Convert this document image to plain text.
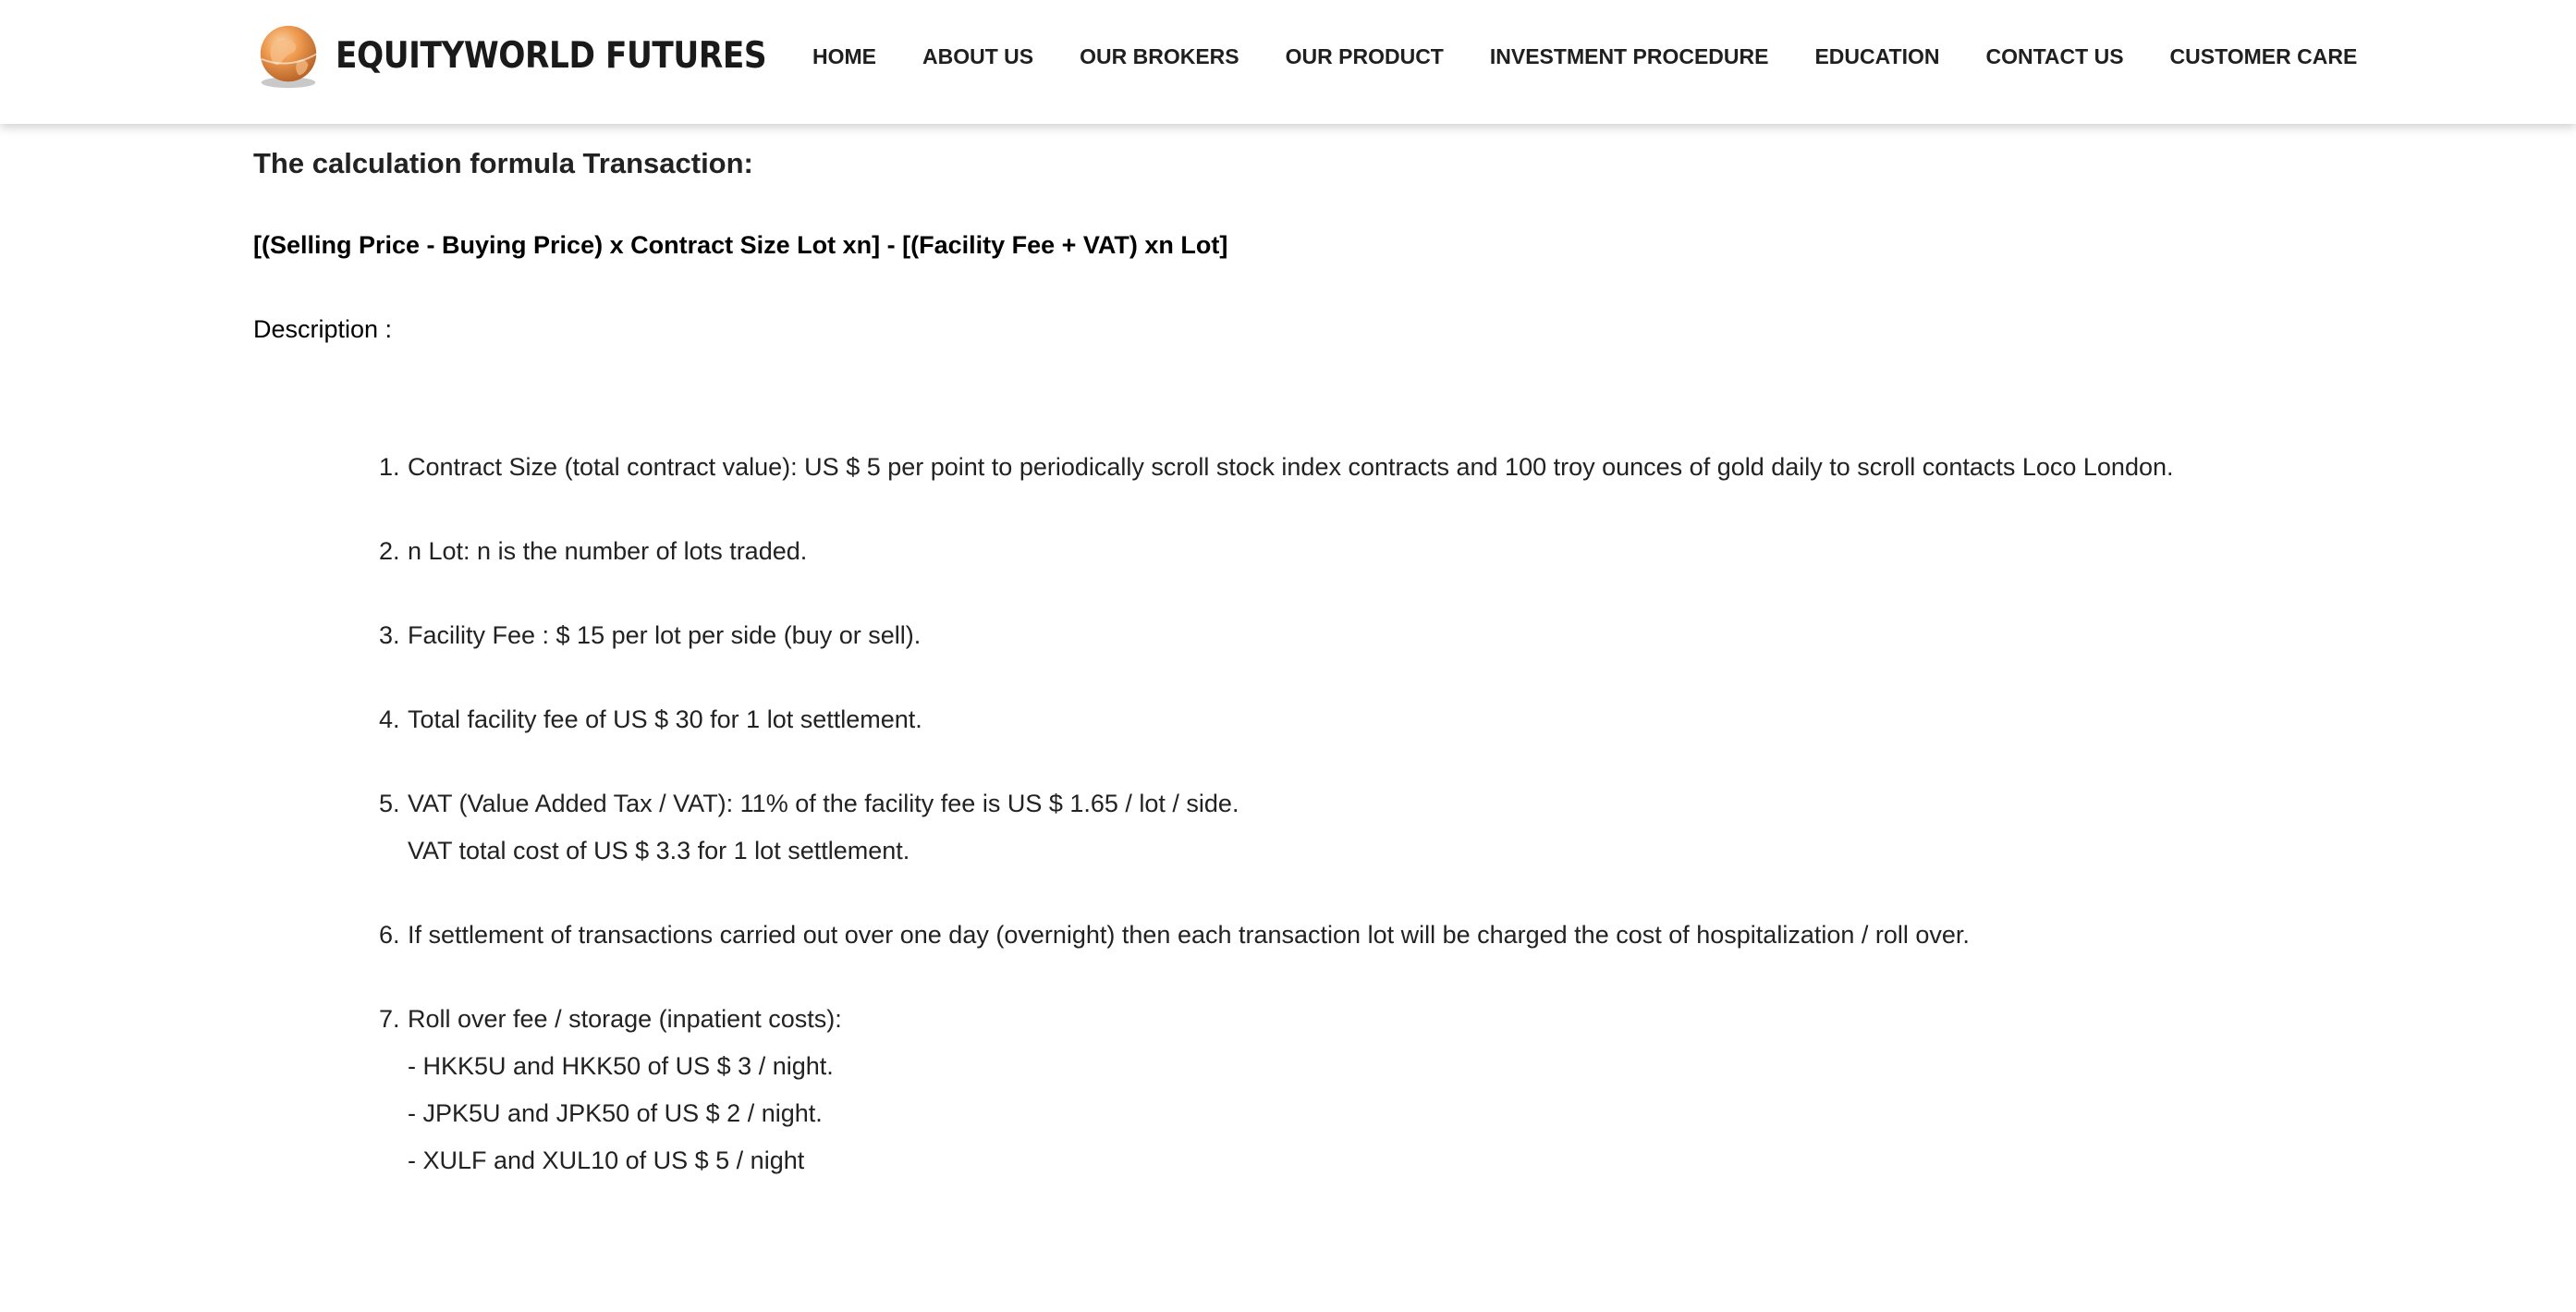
EQUITYWORLD FUTURES HOME ABOUT US OUR BROKERS OUR PRODUCT INVESTMENT PROCEDURE EDUCATION CONTACT US CUSTOMER CARE
The calculation formula Transaction:
[(Selling Price - Buying Price) x Contract Size Lot xn] - [(Facility Fee + VAT) xn Lot]
Description :
1. Contract Size (total contract value): US $ 5 per point to periodically scroll stock index contracts and 100 troy ounces of gold daily to scroll contacts Loco London.
2. n Lot: n is the number of lots traded.
3. Facility Fee : $ 15 per lot per side (buy or sell).
4. Total facility fee of US $ 30 for 1 lot settlement.
5. VAT (Value Added Tax / VAT): 11% of the facility fee is US $ 1.65 / lot / side.
VAT total cost of US $ 3.3 for 1 lot settlement.
6. If settlement of transactions carried out over one day (overnight) then each transaction lot will be charged the cost of hospitalization / roll over.
7. Roll over fee / storage (inpatient costs):
- HKK5U and HKK50 of US $ 3 / night.
- JPK5U and JPK50 of US $ 2 / night.
- XULF and XUL10 of US $ 5 / night
